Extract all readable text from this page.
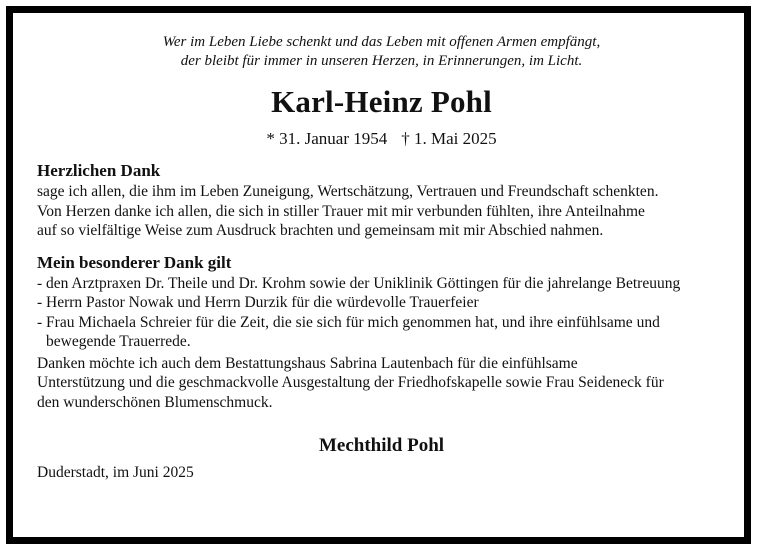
Wer im Leben Liebe schenkt und das Leben mit offenen Armen empfängt,
der bleibt für immer in unseren Herzen, in Erinnerungen, im Licht.

Karl-Heinz Pohl

* 31. Januar 1954 † 1. Mai 2025

Herzlichen Dank

sage ich allen, die ihm im Leben Zuneigung, Wertschätzung, Vertrauen und Freundschaft schenkten.
Von Herzen danke ich allen, die sich in stiller Trauer mit mir verbunden fühlten, ihre Anteilnahme
auf so vielfältige Weise zum Ausdruck brachten und gemeinsam mit mir Abschied nahmen.

Mein besonderer Dank gilt
- den Arztpraxen Dr. Theile und Dr. Krohm sowie der Uniklinik Göttingen für die jahrelange Betreuung
- Herrn Pastor Nowak und Herrn Durzik für die würdevolle Trauerfeier
- Frau Michaela Schreier für die Zeit, die sie sich für mich genommen hat, und ihre einfühlsame und bewegende Trauerrede.

Danken möchte ich auch dem Bestattungshaus Sabrina Lautenbach für die einfühlsame
Unterstützung und die geschmackvolle Ausgestaltung der Friedhofskapelle sowie Frau Seideneck für
den wunderschönen Blumenschmuck.

Mechthild Pohl

Duderstadt, im Juni 2025
